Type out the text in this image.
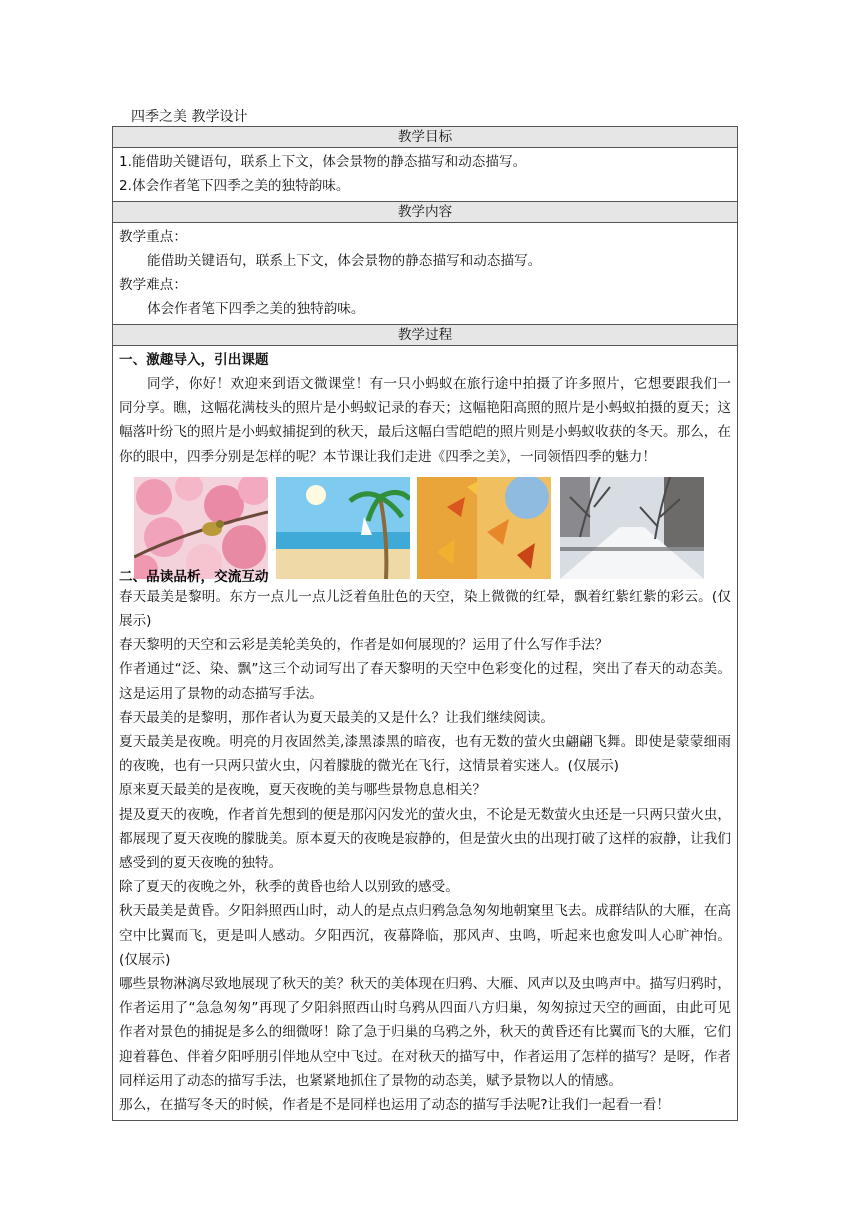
四季之美 教学设计
教学目标

1.能借助关键语句，联系上下文，体会景物的静态描写和动态描写。
2.体会作者笔下四季之美的独特韵味。

教学内容

教学重点：
能借助关键语句，联系上下文，体会景物的静态描写和动态描写。
教学难点：
体会作者笔下四季之美的独特韵味。

教学过程

一、激趣导入，引出课题

同学，你好！欢迎来到语文微课堂！有一只小蚂蚁在旅行途中拍摄了许多照片，它想要跟我们一同分享。瞧，这幅花满枝头的照片是小蚂蚁记录的春天；这幅艳阳高照的照片是小蚂蚁拍摄的夏天；这幅落叶纷飞的照片是小蚂蚁捕捉到的秋天，最后这幅白雪皑皑的照片则是小蚂蚁收获的冬天。那么，在你的眼中，四季分别是怎样的呢？本节课让我们走进《四季之美》，一同领悟四季的魅力！

二、品读品析，交流互动

春天最美是黎明。东方一点儿一点儿泛着鱼肚色的天空，染上微微的红晕，飘着红紫红紫的彩云。(仅展示)

春天黎明的天空和云彩是美轮美奂的，作者是如何展现的？运用了什么写作手法？

作者通过“泛、染、飘”这三个动词写出了春天黎明的天空中色彩变化的过程，突出了春天的动态美。这是运用了景物的动态描写手法。

春天最美的是黎明，那作者认为夏天最美的又是什么？让我们继续阅读。

夏天最美是夜晚。明亮的月夜固然美,漆黑漆黑的暗夜，也有无数的萤火虫翩翩飞舞。即使是蒙蒙细雨的夜晚，也有一只两只萤火虫，闪着朦胧的微光在飞行，这情景着实迷人。(仅展示)

原来夏天最美的是夜晚，夏天夜晚的美与哪些景物息息相关？

提及夏天的夜晚，作者首先想到的便是那闪闪发光的萤火虫，不论是无数萤火虫还是一只两只萤火虫，都展现了夏天夜晚的朦胧美。原本夏天的夜晚是寂静的，但是萤火虫的出现打破了这样的寂静，让我们感受到的夏天夜晚的独特。

除了夏天的夜晚之外，秋季的黄昏也给人以别致的感受。

秋天最美是黄昏。夕阳斜照西山时，动人的是点点归鸦急急匆匆地朝窠里飞去。成群结队的大雁，在高空中比翼而飞，更是叫人感动。夕阳西沉，夜幕降临，那风声、虫鸣，听起来也愈发叫人心旷神怡。(仅展示)

哪些景物淋漓尽致地展现了秋天的美？秋天的美体现在归鸦、大雁、风声以及虫鸣声中。描写归鸦时，作者运用了“急急匆匆”再现了夕阳斜照西山时乌鸦从四面八方归巢，匆匆掠过天空的画面，由此可见作者对景色的捕捉是多么的细微呀！除了急于归巢的乌鸦之外，秋天的黄昏还有比翼而飞的大雁，它们迎着暮色、伴着夕阳呼朋引伴地从空中飞过。在对秋天的描写中，作者运用了怎样的描写？是呀，作者同样运用了动态的描写手法，也紧紧地抓住了景物的动态美，赋予景物以人的情感。

那么，在描写冬天的时候，作者是不是同样也运用了动态的描写手法呢?让我们一起看一看！
